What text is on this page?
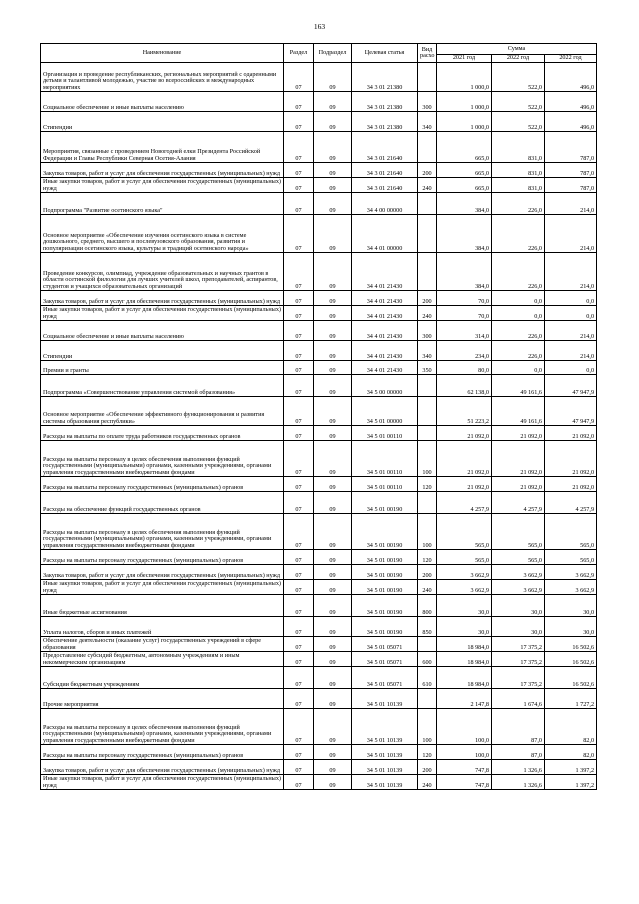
163
Наименование	Раздел	Подраздел	Целевая статья	Вид расхо	Сумма		
					2021 год	2022 год	2022 год
Организация и проведение республиканских, региональных мероприятий с одаренными детьми и талантливой молодежью, участие во всероссийских и международных мероприятиях	07	09	34 3 01 21380		1 000,0	522,0	496,0
Социальное обеспечение и иные выплаты населению	07	09	34 3 01 21380	300	1 000,0	522,0	496,0
Стипендии	07	09	34 3 01 21380	340	1 000,0	522,0	496,0
Мероприятия, связанные с проведением Новогодней елки Президента Российской Федерации и Главы Республики Северная Осетия-Алания	07	09	34 3 01 21640		665,0	831,0	787,0
Закупка товаров, работ и услуг для обеспечения государственных (муниципальных) нужд	07	09	34 3 01 21640	200	665,0	831,0	787,0
Иные закупки товаров, работ и услуг для обеспечения государственных (муниципальных) нужд	07	09	34 3 01 21640	240	665,0	831,0	787,0
Подпрограмма "Развитие осетинского языка"	07	09	34 4 00 00000		384,0	226,0	214,0
Основное мероприятие «Обеспечение изучения осетинского языка в системе дошкольного, среднего, высшего и послевузовского образования, развития и популяризации осетинского языка, культуры и традиций осетинского народа»	07	09	34 4 01 00000		384,0	226,0	214,0
Проведение конкурсов, олимпиад, учреждение образовательных и научных грантов в области осетинской филологии для лучших учителей школ, преподавателей, аспирантов, студентов и учащихся образовательных организаций	07	09	34 4 01 21430		384,0	226,0	214,0
Закупка товаров, работ и услуг для обеспечения государственных (муниципальных) нужд	07	09	34 4 01 21430	200	70,0	0,0	0,0
Иные закупки товаров, работ и услуг для обеспечения государственных (муниципальных) нужд	07	09	34 4 01 21430	240	70,0	0,0	0,0
Социальное обеспечение и иные выплаты населению	07	09	34 4 01 21430	300	314,0	226,0	214,0
Стипендии	07	09	34 4 01 21430	340	234,0	226,0	214,0
Премии и гранты	07	09	34 4 01 21430	350	80,0	0,0	0,0
Подпрограмма «Совершенствование управления системой образования»	07	09	34 5 00 00000		62 138,0	49 161,6	47 947,9
Основное мероприятие «Обеспечение эффективного функционирования и развития системы образования республики»	07	09	34 5 01 00000		51 223,2	49 161,6	47 947,9
Расходы на выплаты по оплате труда работников государственных органов	07	09	34 5 01 00110		21 092,0	21 092,0	21 092,0
Расходы на выплаты персоналу в целях обеспечения выполнения функций государственными (муниципальными) органами, казенными учреждениями, органами управления государственными внебюджетными фондами	07	09	34 5 01 00110	100	21 092,0	21 092,0	21 092,0
Расходы на выплаты персоналу государственных (муниципальных) органов	07	09	34 5 01 00110	120	21 092,0	21 092,0	21 092,0
Расходы на обеспечение функций государственных органов	07	09	34 5 01 00190		4 257,9	4 257,9	4 257,9
Расходы на выплаты персоналу в целях обеспечения выполнения функций государственными (муниципальными) органами, казенными учреждениями, органами управления государственными внебюджетными фондами	07	09	34 5 01 00190	100	565,0	565,0	565,0
Расходы на выплаты персоналу государственных (муниципальных) органов	07	09	34 5 01 00190	120	565,0	565,0	565,0
Закупка товаров, работ и услуг для обеспечения государственных (муниципальных) нужд	07	09	34 5 01 00190	200	3 662,9	3 662,9	3 662,9
Иные закупки товаров, работ и услуг для обеспечения государственных (муниципальных) нужд	07	09	34 5 01 00190	240	3 662,9	3 662,9	3 662,9
Иные бюджетные ассигнования	07	09	34 5 01 00190	800	30,0	30,0	30,0
Уплата налогов, сборов и иных платежей	07	09	34 5 01 00190	850	30,0	30,0	30,0
Обеспечение деятельности (оказание услуг) государственных учреждений в сфере образования	07	09	34 5 01 05071		18 984,0	17 375,2	16 502,6
Предоставление субсидий бюджетным, автономным учреждениям и иным некоммерческим организациям	07	09	34 5 01 05071	600	18 984,0	17 375,2	16 502,6
Субсидии бюджетным учреждениям	07	09	34 5 01 05071	610	18 984,0	17 375,2	16 502,6
Прочие мероприятия	07	09	34 5 01 10139		2 147,8	1 674,6	1 727,2
Расходы на выплаты персоналу в целях обеспечения выполнения функций государственными (муниципальными) органами, казенными учреждениями, органами управления государственными внебюджетными фондами	07	09	34 5 01 10139	100	100,0	87,0	82,0
Расходы на выплаты персоналу государственных (муниципальных) органов	07	09	34 5 01 10139	120	100,0	87,0	82,0
Закупка товаров, работ и услуг для обеспечения государственных (муниципальных) нужд	07	09	34 5 01 10139	200	747,8	1 326,6	1 397,2
Иные закупки товаров, работ и услуг для обеспечения государственных (муниципальных) нужд	07	09	34 5 01 10139	240	747,8	1 326,6	1 397,2
